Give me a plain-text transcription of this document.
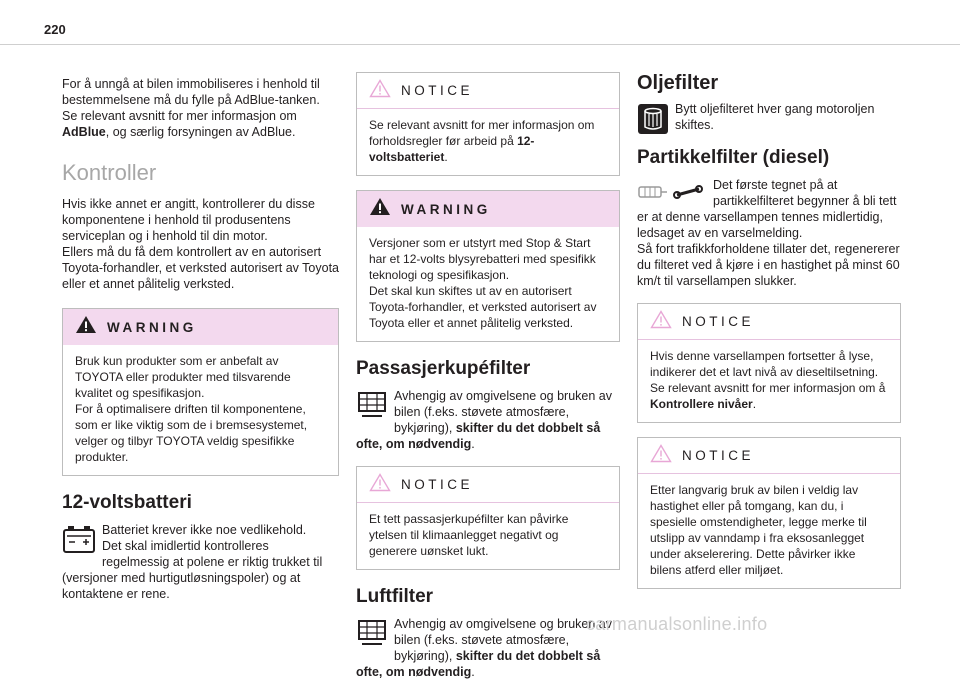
220

For å unngå at bilen immobiliseres i henhold til bestemmelsene må du fylle på AdBlue-tanken.
Se relevant avsnitt for mer informasjon om AdBlue, og særlig forsyningen av AdBlue.

Kontroller

Hvis ikke annet er angitt, kontrollerer du disse komponentene i henhold til produsentens serviceplan og i henhold til din motor.
Ellers må du få dem kontrollert av en autorisert Toyota-forhandler, et verksted autorisert av Toyota eller et annet pålitelig verksted.

WARNING
Bruk kun produkter som er anbefalt av TOYOTA eller produkter med tilsvarende kvalitet og spesifikasjon.
For å optimalisere driften til komponentene, som er like viktig som de i bremsesystemet, velger og tilbyr TOYOTA veldig spesifikke produkter.
12-voltsbatteri

Batteriet krever ikke noe vedlikehold.
Det skal imidlertid kontrolleres regelmessig at polene er riktig trukket til (versjoner med hurtigutløsningspoler) og at kontaktene er rene.

NOTICE
Se relevant avsnitt for mer informasjon om forholdsregler før arbeid på 12-voltsbatteriet.
WARNING
Versjoner som er utstyrt med Stop & Start har et 12-volts blysyrebatteri med spesifikk teknologi og spesifikasjon.
Det skal kun skiftes ut av en autorisert Toyota-forhandler, et verksted autorisert av Toyota eller et annet pålitelig verksted.
Passasjerkupéfilter

Avhengig av omgivelsene og bruken av bilen (f.eks. støvete atmosfære, bykjøring), skifter du det dobbelt så ofte, om nødvendig.

NOTICE
Et tett passasjerkupéfilter kan påvirke ytelsen til klimaanlegget negativt og generere uønsket lukt.
Luftfilter

Avhengig av omgivelsene og bruken av bilen (f.eks. støvete atmosfære, bykjøring), skifter du det dobbelt så ofte, om nødvendig.

Oljefilter

Bytt oljefilteret hver gang motoroljen skiftes.

Partikkelfilter (diesel)

Det første tegnet på at partikkelfilteret begynner å bli tett er at denne varsellampen tennes midlertidig, ledsaget av en varselmelding.
Så fort trafikkforholdene tillater det, regenererer du filteret ved å kjøre i en hastighet på minst 60 km/t til varsellampen slukker.

NOTICE
Hvis denne varsellampen fortsetter å lyse, indikerer det et lavt nivå av dieseltilsetning.
Se relevant avsnitt for mer informasjon om å Kontrollere nivåer.
NOTICE
Etter langvarig bruk av bilen i veldig lav hastighet eller på tomgang, kan du, i spesielle omstendigheter, legge merke til utslipp av vanndamp i fra eksosanlegget under akselerering. Dette påvirker ikke bilens atferd eller miljøet.
carmanualsonline.info
